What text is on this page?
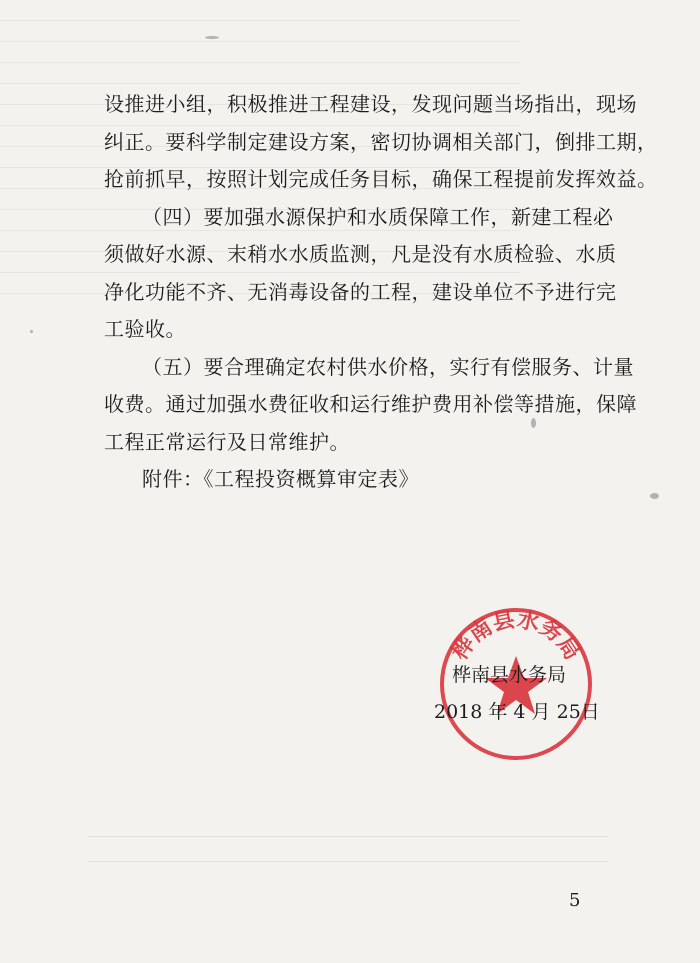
设推进小组，积极推进工程建设，发现问题当场指出，现场
纠正。要科学制定建设方案，密切协调相关部门，倒排工期，
抢前抓早，按照计划完成任务目标，确保工程提前发挥效益。
（四）要加强水源保护和水质保障工作，新建工程必
须做好水源、末稍水水质监测，凡是没有水质检验、水质
净化功能不齐、无消毒设备的工程，建设单位不予进行完
工验收。
（五）要合理确定农村供水价格，实行有偿服务、计量
收费。通过加强水费征收和运行维护费用补偿等措施，保障
工程正常运行及日常维护。
附件：《工程投资概算审定表》
桦南县水务局
桦南县水务局
2018 年 4 月 25日
5
